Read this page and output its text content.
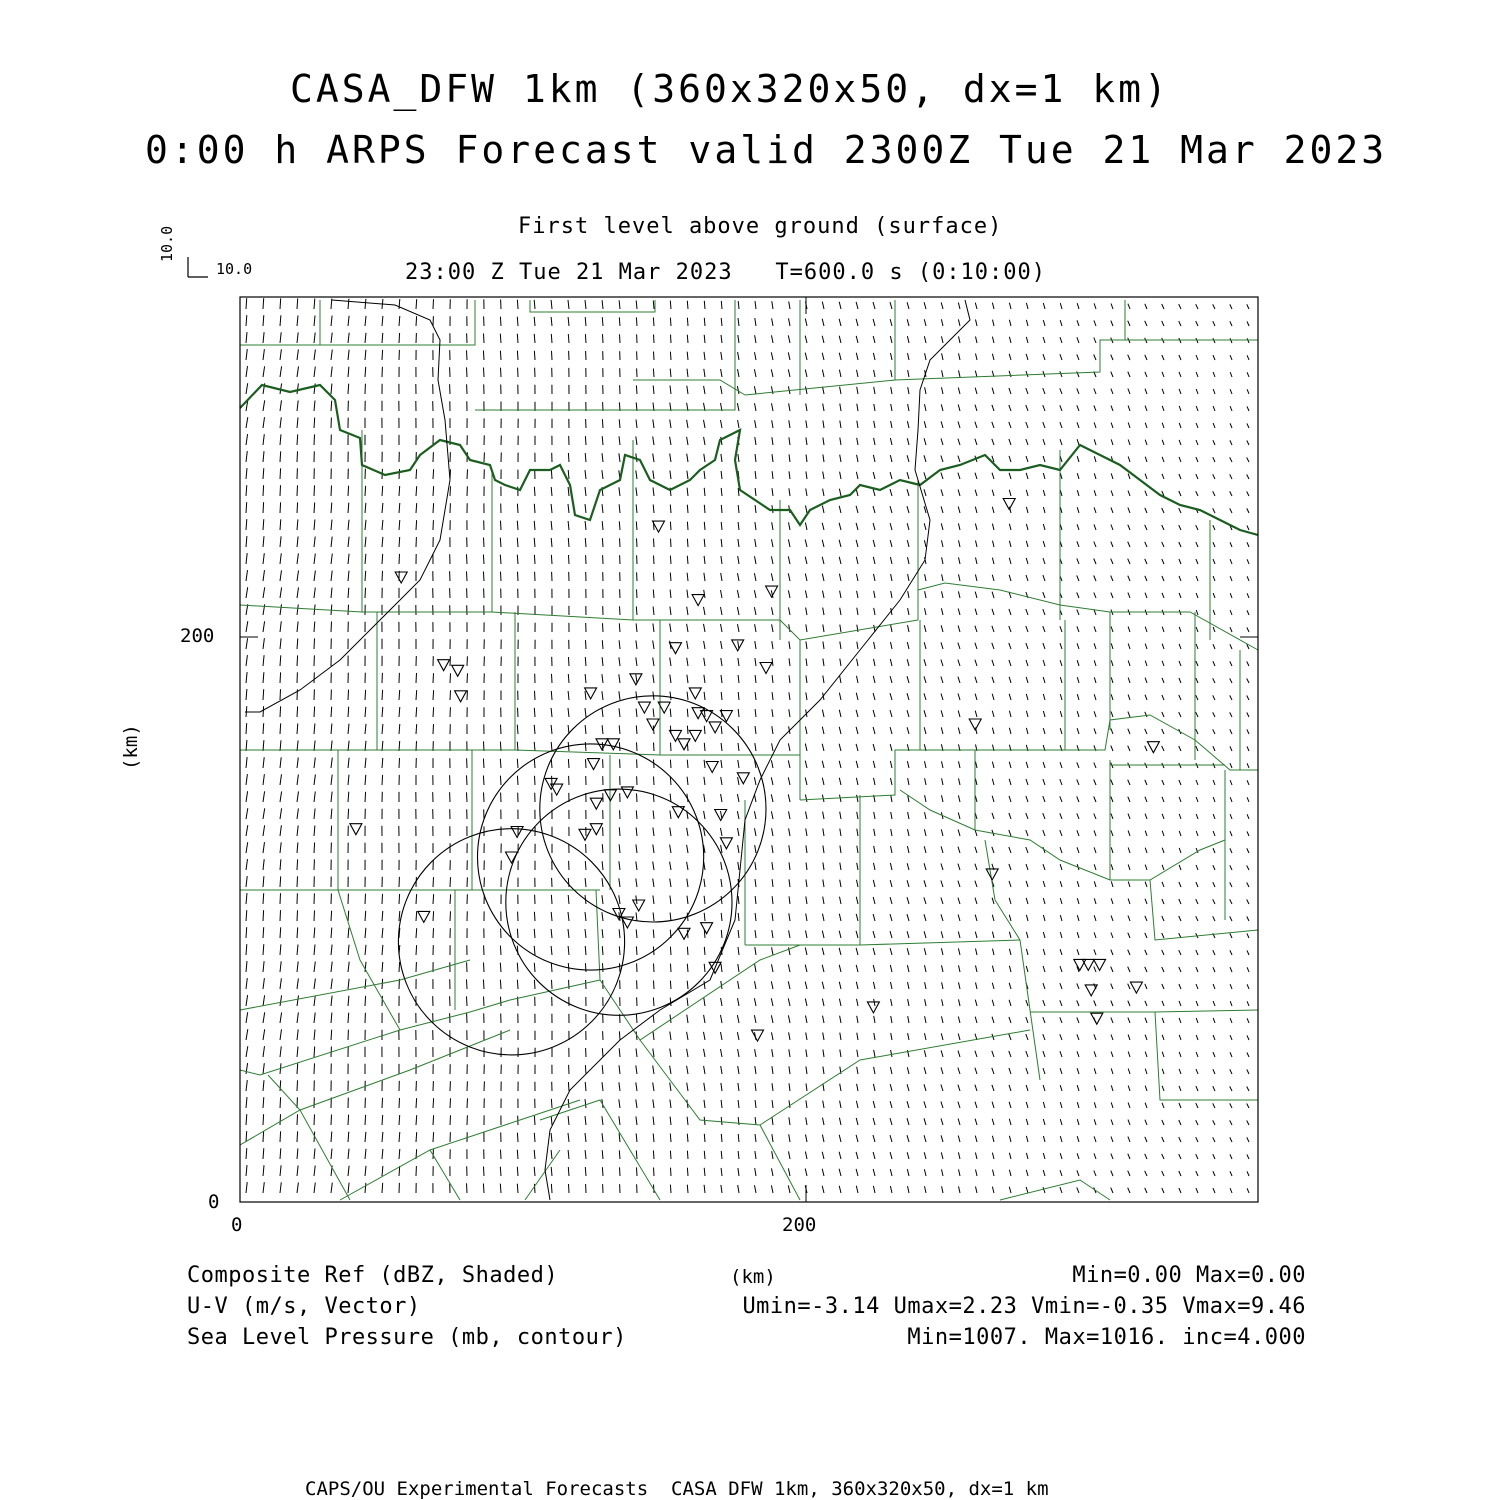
CASA_DFW 1km (360x320x50, dx=1 km)
0:00 h ARPS Forecast valid 2300Z Tue 21 Mar 2023
First level above ground (surface)
23:00 Z Tue 21 Mar 2023   T=600.0 s (0:10:00)
10.0
10.0
0	200
0
200
(km)
(km)
Composite Ref (dBZ, Shaded)	Min=0.00 Max=0.00
U-V (m/s, Vector)	Umin=-3.14 Umax=2.23 Vmin=-0.35 Vmax=9.46
Sea Level Pressure (mb, contour)	Min=1007. Max=1016. inc=4.000
CAPS/OU Experimental Forecasts  CASA DFW 1km, 360x320x50, dx=1 km
